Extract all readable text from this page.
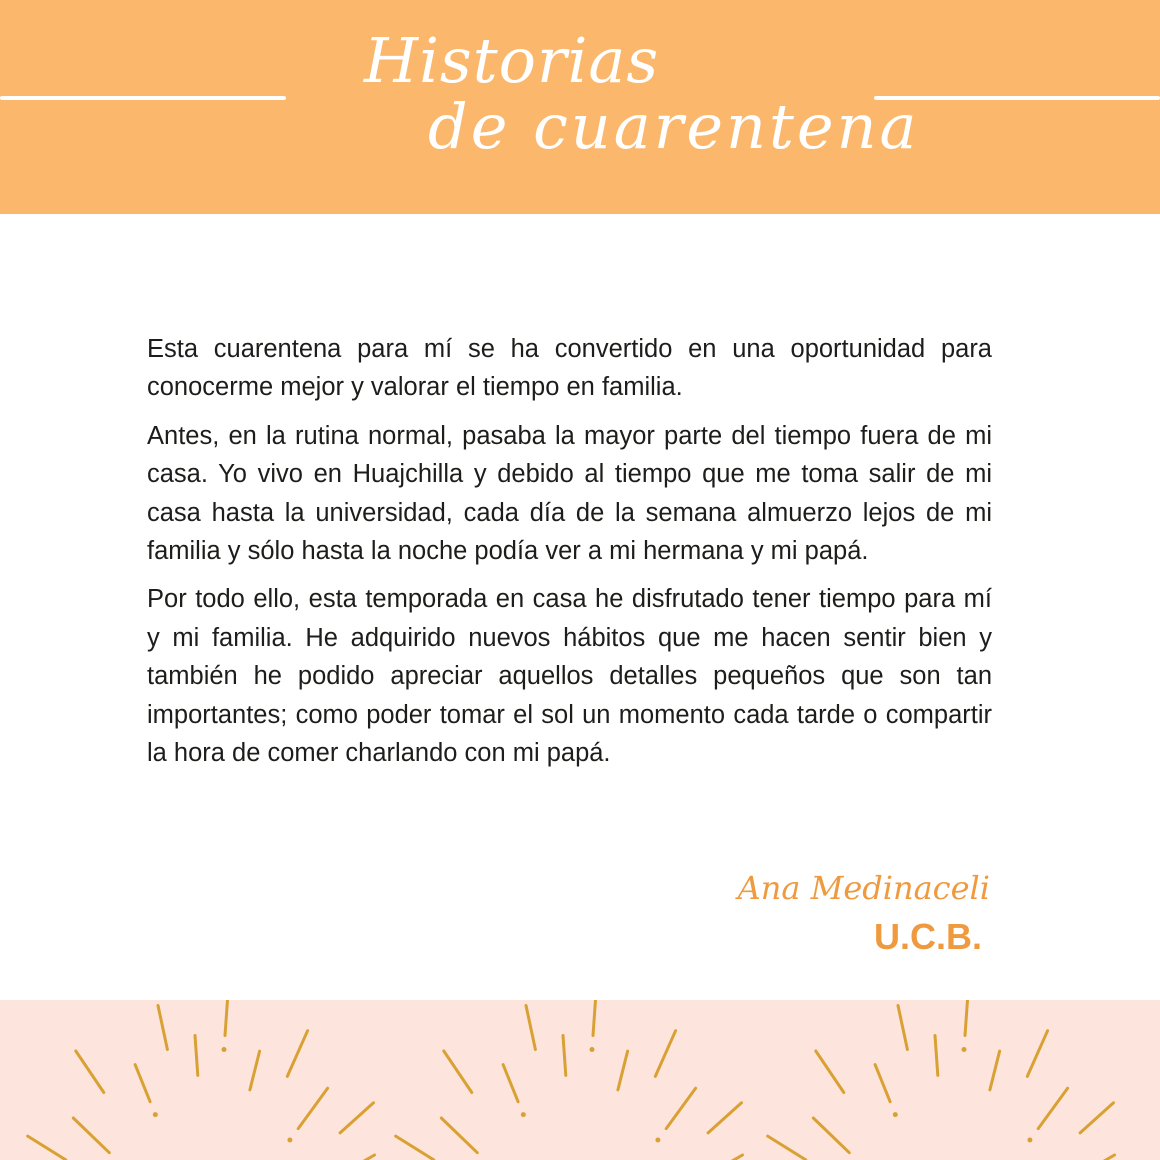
Historias
de cuarentena

Esta cuarentena para mí se ha convertido en una oportunidad para conocerme mejor y valorar el tiempo en familia.

Antes, en la rutina normal, pasaba la mayor parte del tiempo fuera de mi casa. Yo vivo en Huajchilla y debido al tiempo que me toma salir de mi casa hasta la universidad, cada día de la semana almuerzo lejos de mi familia y sólo hasta la noche podía ver a mi hermana y mi papá.

Por todo ello, esta temporada en casa he disfrutado tener tiempo para mí y mi familia. He adquirido nuevos hábitos que me hacen sentir bien y también he podido apreciar aquellos detalles pequeños que son tan importantes; como poder tomar el sol un momento cada tarde o compartir la hora de comer charlando con mi papá.

Ana Medinaceli
U.C.B.
